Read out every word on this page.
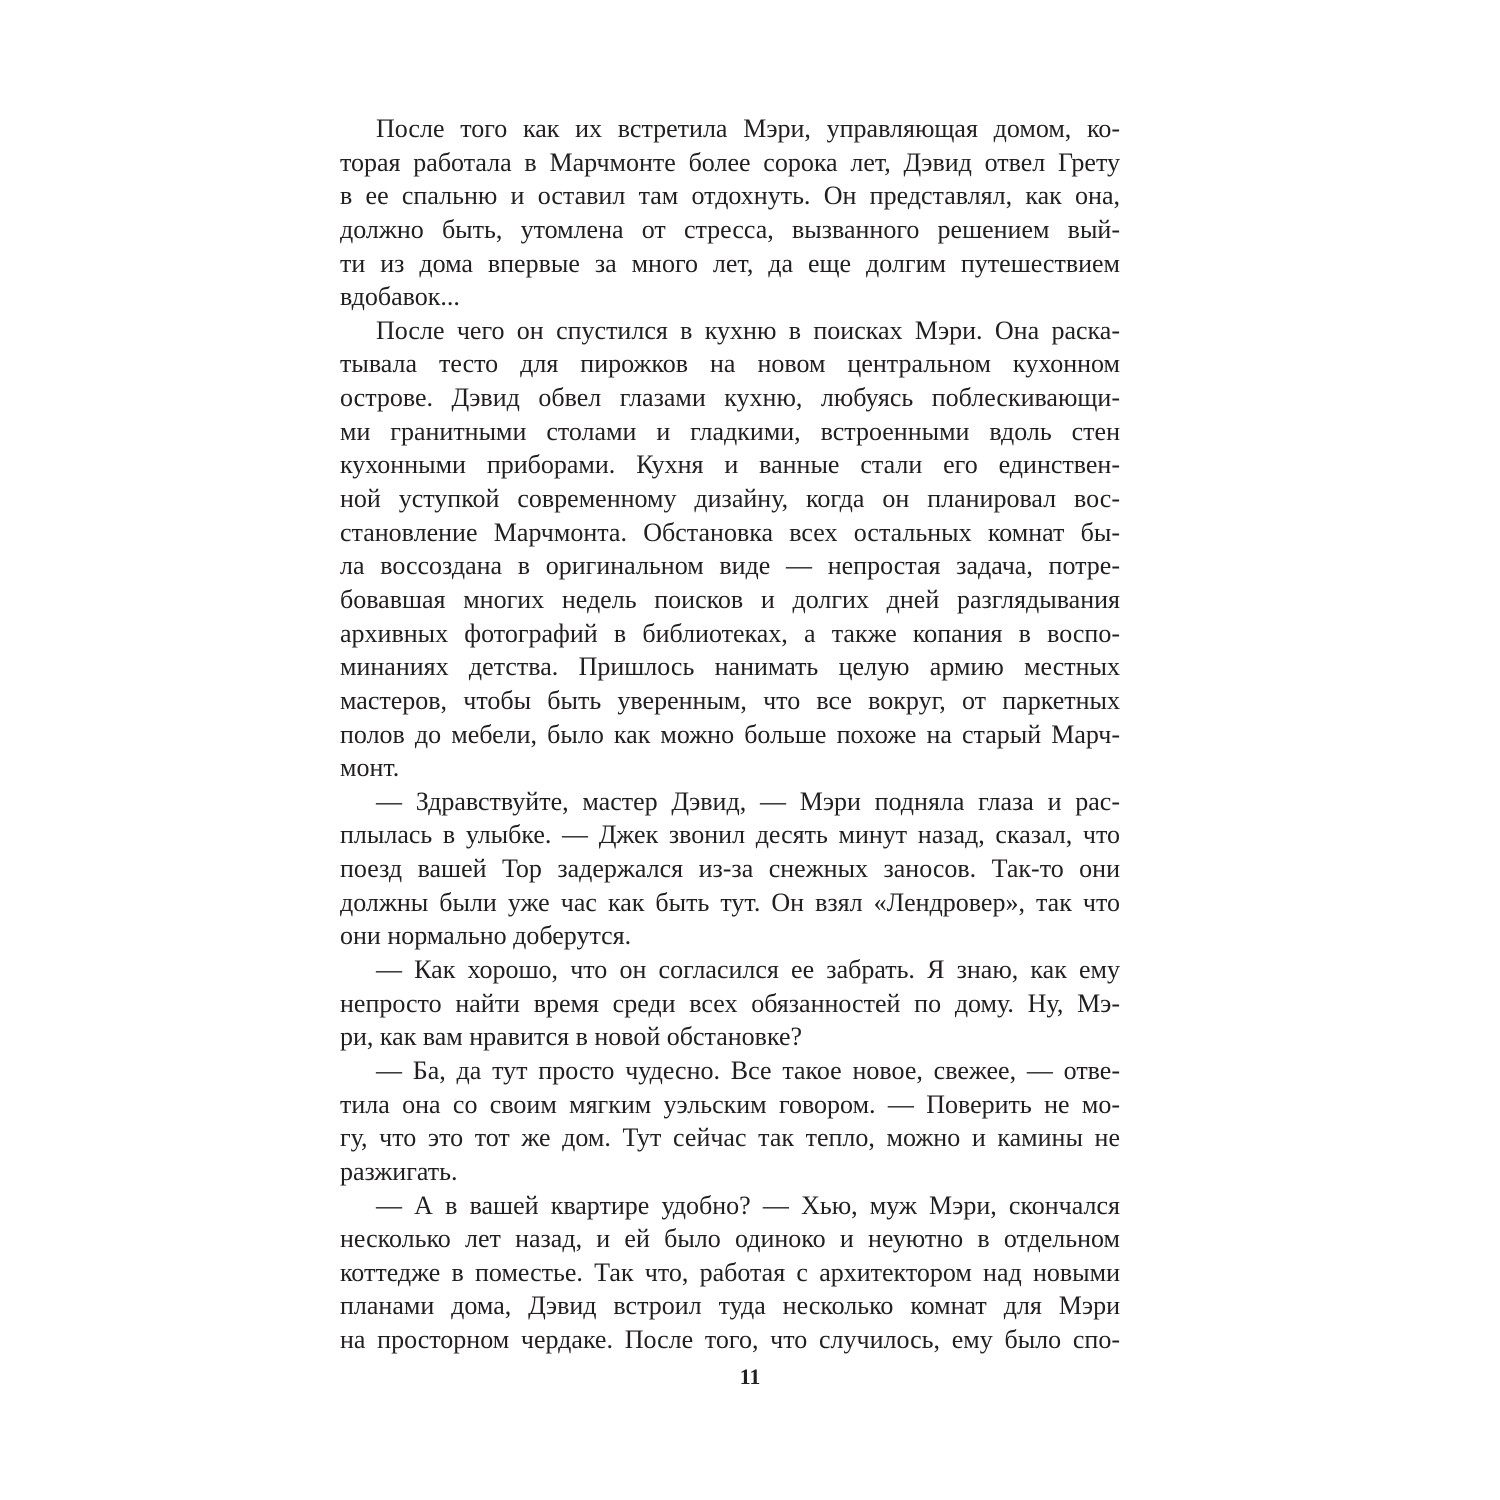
После того как их встретила Мэри, управляющая домом, ко-
торая работала в Марчмонте более сорока лет, Дэвид отвел Грету
в ее спальню и оставил там отдохнуть. Он представлял, как она,
должно быть, утомлена от стресса, вызванного решением вый-
ти из дома впервые за много лет, да еще долгим путешествием
вдобавок...
После чего он спустился в кухню в поисках Мэри. Она раска-
тывала тесто для пирожков на новом центральном кухонном
острове. Дэвид обвел глазами кухню, любуясь поблескивающи-
ми гранитными столами и гладкими, встроенными вдоль стен
кухонными приборами. Кухня и ванные стали его единствен-
ной уступкой современному дизайну, когда он планировал вос-
становление Марчмонта. Обстановка всех остальных комнат бы-
ла воссоздана в оригинальном виде — непростая задача, потре-
бовавшая многих недель поисков и долгих дней разглядывания
архивных фотографий в библиотеках, а также копания в воспо-
минаниях детства. Пришлось нанимать целую армию местных
мастеров, чтобы быть уверенным, что все вокруг, от паркетных
полов до мебели, было как можно больше похоже на старый Марч-
монт.
— Здравствуйте, мастер Дэвид, — Мэри подняла глаза и рас-
плылась в улыбке. — Джек звонил десять минут назад, сказал, что
поезд вашей Тор задержался из-за снежных заносов. Так-то они
должны были уже час как быть тут. Он взял «Лендровер», так что
они нормально доберутся.
— Как хорошо, что он согласился ее забрать. Я знаю, как ему
непросто найти время среди всех обязанностей по дому. Ну, Мэ-
ри, как вам нравится в новой обстановке?
— Ба, да тут просто чудесно. Все такое новое, свежее, — отве-
тила она со своим мягким уэльским говором. — Поверить не мо-
гу, что это тот же дом. Тут сейчас так тепло, можно и камины не
разжигать.
— А в вашей квартире удобно? — Хью, муж Мэри, скончался
несколько лет назад, и ей было одиноко и неуютно в отдельном
коттедже в поместье. Так что, работая с архитектором над новыми
планами дома, Дэвид встроил туда несколько комнат для Мэри
на просторном чердаке. После того, что случилось, ему было спо-
11
